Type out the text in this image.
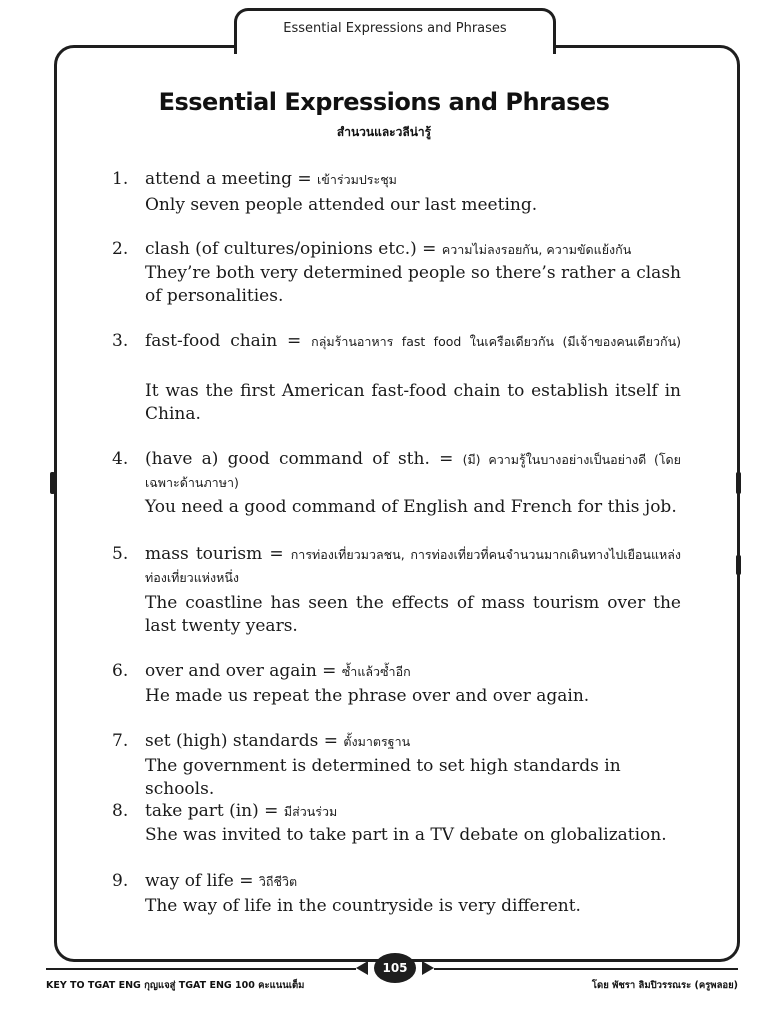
Essential Expressions and Phrases
Essential Expressions and Phrases
สำนวนและวลีน่ารู้
1. attend a meeting = เข้าร่วมประชุม
Only seven people attended our last meeting.
2. clash (of cultures/opinions etc.) = ความไม่ลงรอยกัน, ความขัดแย้งกัน
They’re both very determined people so there’s rather a clash of personalities.
3. fast-food chain = กลุ่มร้านอาหาร fast food ในเครือเดียวกัน (มีเจ้าของคนเดียวกัน)
It was the first American fast-food chain to establish itself in China.
4. (have a) good command of sth. = (มี) ความรู้ในบางอย่างเป็นอย่างดี (โดยเฉพาะด้านภาษา)
You need a good command of English and French for this job.
5. mass tourism = การท่องเที่ยวมวลชน, การท่องเที่ยวที่คนจำนวนมากเดินทางไปเยือนแหล่งท่องเที่ยวแห่งหนึ่ง
The coastline has seen the effects of mass tourism over the last twenty years.
6. over and over again = ซ้ำแล้วซ้ำอีก
He made us repeat the phrase over and over again.
7. set (high) standards = ตั้งมาตรฐาน
The government is determined to set high standards in schools.
8. take part (in) = มีส่วนร่วม
She was invited to take part in a TV debate on globalization.
9. way of life = วิถีชีวิต
The way of life in the countryside is very different.
105
KEY TO TGAT ENG กุญแจสู่ TGAT ENG 100 คะแนนเต็ม	โดย พัชรา ลิมปิวรรณระ (ครูพลอย)
